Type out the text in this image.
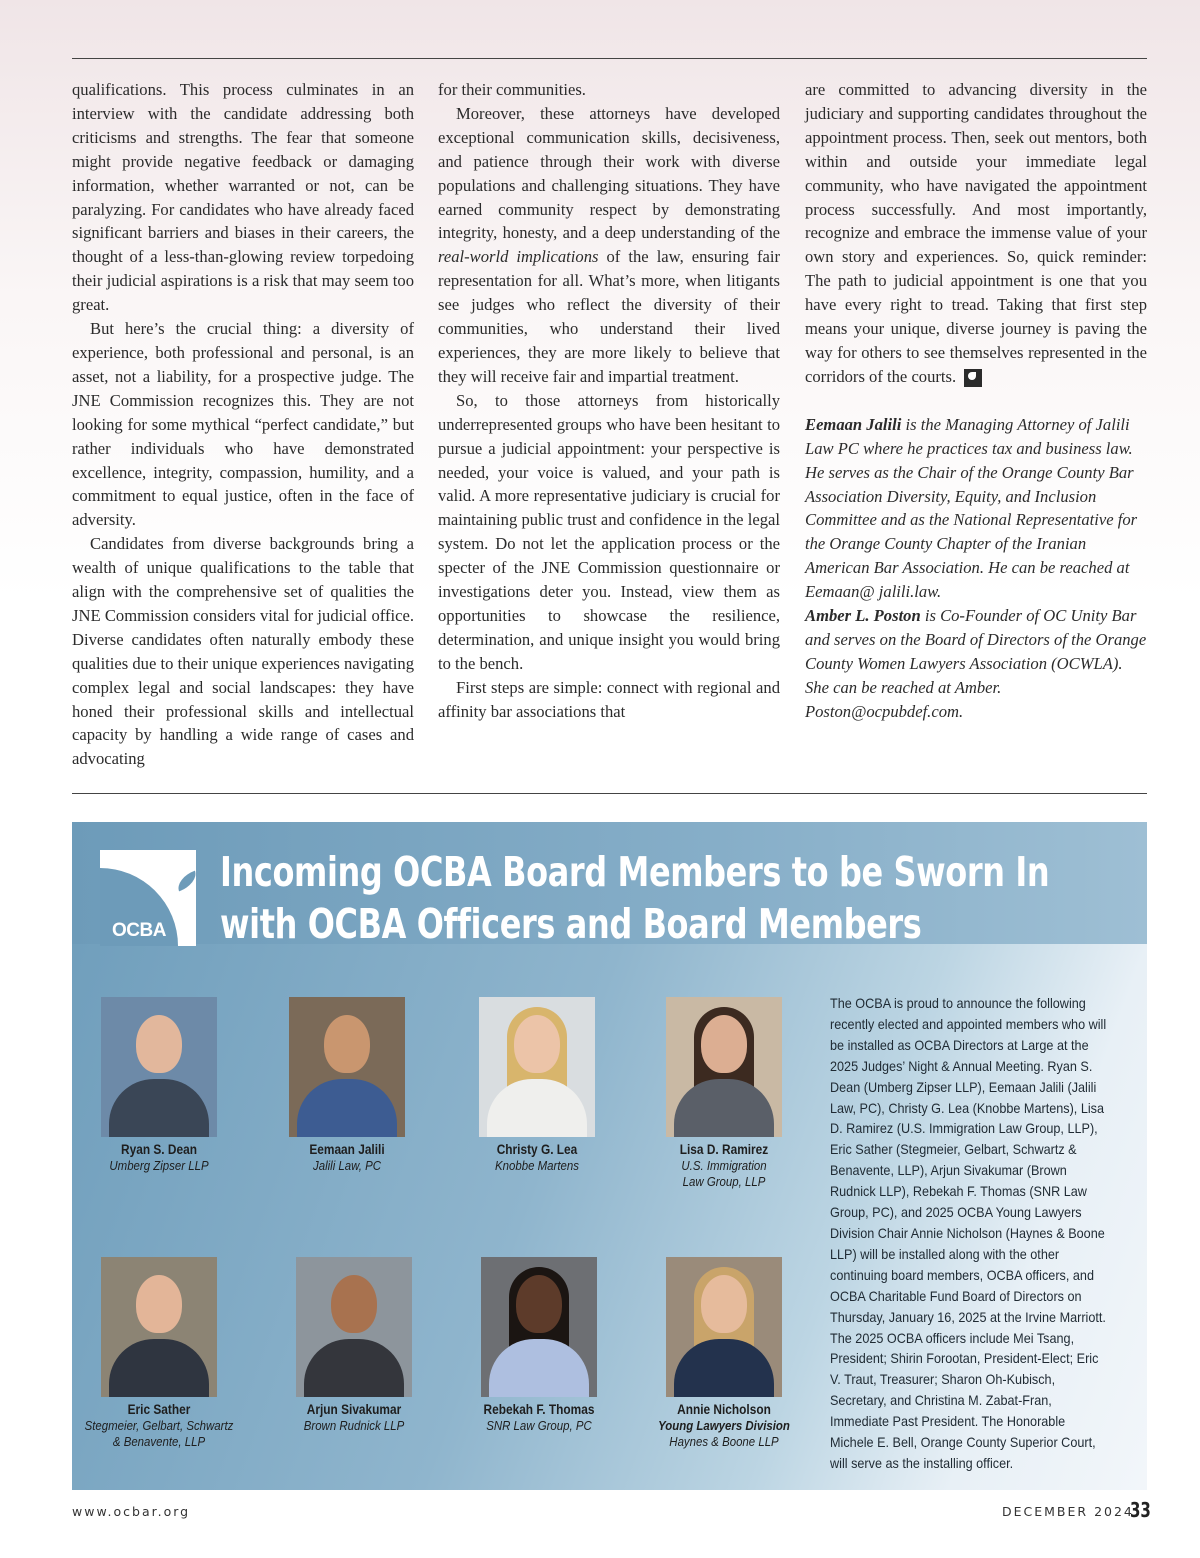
qualifications. This process culminates in an interview with the candidate addressing both criticisms and strengths. The fear that someone might provide negative feedback or damaging information, whether warranted or not, can be paralyzing. For candidates who have already faced significant barriers and biases in their careers, the thought of a less-than-glowing review torpedoing their judicial aspirations is a risk that may seem too great.

But here’s the crucial thing: a diversity of experience, both professional and personal, is an asset, not a liability, for a prospective judge. The JNE Commission recognizes this. They are not looking for some mythical “perfect candidate,” but rather individuals who have demonstrated excellence, integrity, compassion, humility, and a commitment to equal justice, often in the face of adversity.

Candidates from diverse backgrounds bring a wealth of unique qualifications to the table that align with the comprehensive set of qualities the JNE Commission considers vital for judicial office. Diverse candidates often naturally embody these qualities due to their unique experiences navigating complex legal and social landscapes: they have honed their professional skills and intellectual capacity by handling a wide range of cases and advocating

for their communities.

Moreover, these attorneys have developed exceptional communication skills, decisiveness, and patience through their work with diverse populations and challenging situations. They have earned community respect by demonstrating integrity, honesty, and a deep understanding of the real-world implications of the law, ensuring fair representation for all. What’s more, when litigants see judges who reflect the diversity of their communities, who understand their lived experiences, they are more likely to believe that they will receive fair and impartial treatment.

So, to those attorneys from historically underrepresented groups who have been hesitant to pursue a judicial appointment: your perspective is needed, your voice is valued, and your path is valid. A more representative judiciary is crucial for maintaining public trust and confidence in the legal system. Do not let the application process or the specter of the JNE Commission questionnaire or investigations deter you. Instead, view them as opportunities to showcase the resilience, determination, and unique insight you would bring to the bench.

First steps are simple: connect with regional and affinity bar associations that

are committed to advancing diversity in the judiciary and supporting candidates throughout the appointment process. Then, seek out mentors, both within and outside your immediate legal community, who have navigated the appointment process successfully. And most importantly, recognize and embrace the immense value of your own story and experiences. So, quick reminder: The path to judicial appointment is one that you have every right to tread. Taking that first step means your unique, diverse journey is paving the way for others to see themselves represented in the corridors of the courts.

Eemaan Jalili is the Managing Attorney of Jalili Law PC where he practices tax and business law. He serves as the Chair of the Orange County Bar Association Diversity, Equity, and Inclusion Committee and as the National Representative for the Orange County Chapter of the Iranian American Bar Association. He can be reached at Eemaan@ jalili.law.

Amber L. Poston is Co-Founder of OC Unity Bar and serves on the Board of Directors of the Orange County Women Lawyers Association (OCWLA). She can be reached at Amber. Poston@ocpubdef.com.

OCBA
Incoming OCBA Board Members to be Sworn In
with OCBA Officers and Board Members
Ryan S. Dean
Umberg Zipser LLP
Eemaan Jalili
Jalili Law, PC
Christy G. Lea
Knobbe Martens
Lisa D. Ramirez
U.S. Immigration Law Group, LLP
Eric Sather
Stegmeier, Gelbart, Schwartz & Benavente, LLP
Arjun Sivakumar
Brown Rudnick LLP
Rebekah F. Thomas
SNR Law Group, PC
Annie Nicholson
Young Lawyers Division
Haynes & Boone LLP

The OCBA is proud to announce the following recently elected and appointed members who will be installed as OCBA Directors at Large at the 2025 Judges’ Night & Annual Meeting. Ryan S. Dean (Umberg Zipser LLP), Eemaan Jalili (Jalili Law, PC), Christy G. Lea (Knobbe Martens), Lisa D. Ramirez (U.S. Immigration Law Group, LLP), Eric Sather (Stegmeier, Gelbart, Schwartz & Benavente, LLP), Arjun Sivakumar (Brown Rudnick LLP), Rebekah F. Thomas (SNR Law Group, PC), and 2025 OCBA Young Lawyers Division Chair Annie Nicholson (Haynes & Boone LLP) will be installed along with the other continuing board members, OCBA officers, and OCBA Charitable Fund Board of Directors on Thursday, January 16, 2025 at the Irvine Marriott. The 2025 OCBA officers include Mei Tsang, President; Shirin Forootan, President-Elect; Eric V. Traut, Treasurer; Sharon Oh-Kubisch, Secretary, and Christina M. Zabat-Fran, Immediate Past President. The Honorable Michele E. Bell, Orange County Superior Court, will serve as the installing officer.

www.ocbar.org	DECEMBER 2024
33
